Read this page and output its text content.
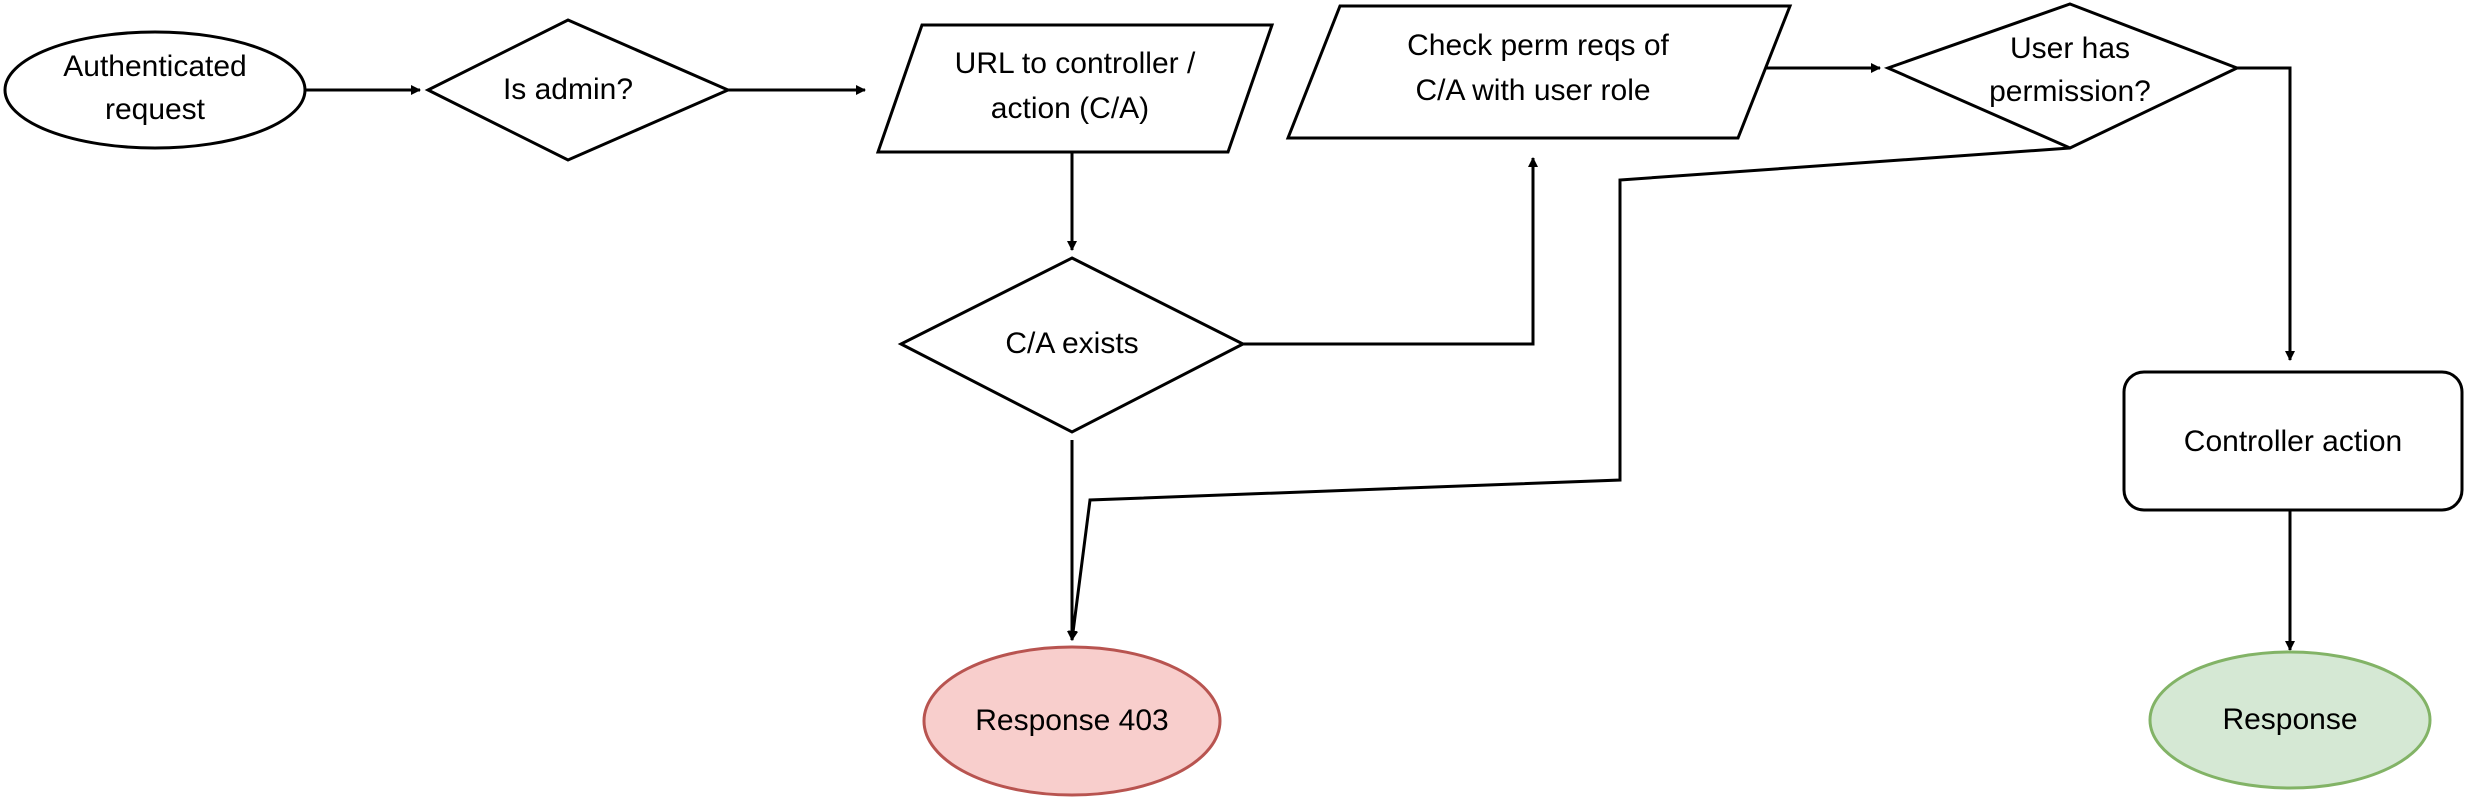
Authenticated
request
Is admin?
URL to controller /
action (C/A)
Check perm reqs of
C/A with user role
User has
permission?
C/A exists
Controller action
Response 403	Response
